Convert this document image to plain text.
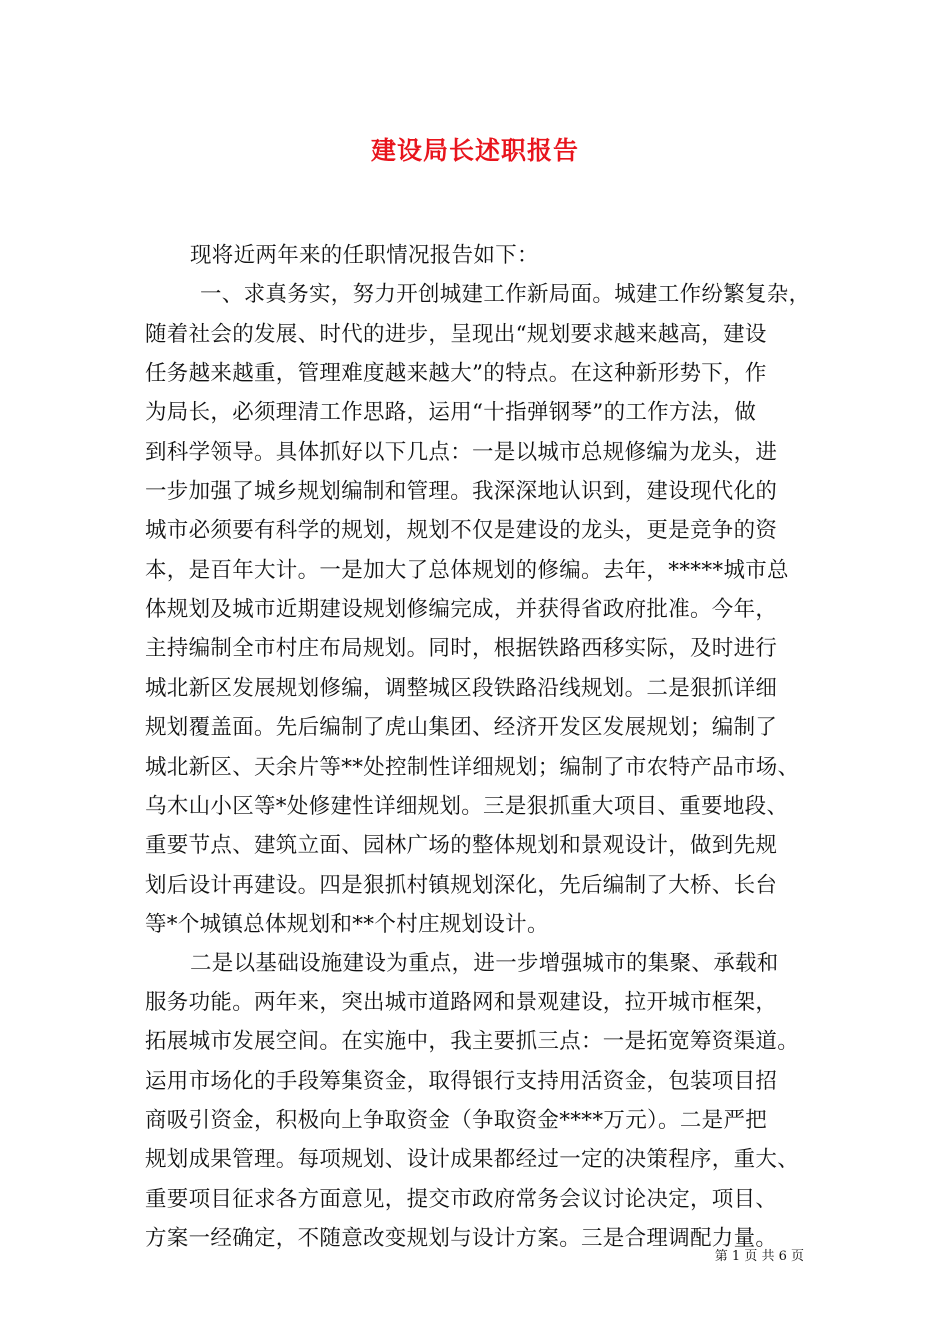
建设局长述职报告
现将近两年来的任职情况报告如下：
一、求真务实，努力开创城建工作新局面。城建工作纷繁复杂，
随着社会的发展、时代的进步，呈现出“规划要求越来越高，建设
任务越来越重，管理难度越来越大”的特点。在这种新形势下，作
为局长，必须理清工作思路，运用“十指弹钢琴”的工作方法，做
到科学领导。具体抓好以下几点：一是以城市总规修编为龙头，进
一步加强了城乡规划编制和管理。我深深地认识到，建设现代化的
城市必须要有科学的规划，规划不仅是建设的龙头，更是竞争的资
本，是百年大计。一是加大了总体规划的修编。去年，*****城市总
体规划及城市近期建设规划修编完成，并获得省政府批准。今年，
主持编制全市村庄布局规划。同时，根据铁路西移实际，及时进行
城北新区发展规划修编，调整城区段铁路沿线规划。二是狠抓详细
规划覆盖面。先后编制了虎山集团、经济开发区发展规划；编制了
城北新区、天余片等**处控制性详细规划；编制了市农特产品市场、
乌木山小区等*处修建性详细规划。三是狠抓重大项目、重要地段、
重要节点、建筑立面、园林广场的整体规划和景观设计，做到先规
划后设计再建设。四是狠抓村镇规划深化，先后编制了大桥、长台
等*个城镇总体规划和**个村庄规划设计。
二是以基础设施建设为重点，进一步增强城市的集聚、承载和
服务功能。两年来，突出城市道路网和景观建设，拉开城市框架，
拓展城市发展空间。在实施中，我主要抓三点：一是拓宽筹资渠道。
运用市场化的手段筹集资金，取得银行支持用活资金，包装项目招
商吸引资金，积极向上争取资金（争取资金****万元）。二是严把
规划成果管理。每项规划、设计成果都经过一定的决策程序，重大、
重要项目征求各方面意见，提交市政府常务会议讨论决定，项目、
方案一经确定，不随意改变规划与设计方案。三是合理调配力量。
第 1 页 共 6 页
